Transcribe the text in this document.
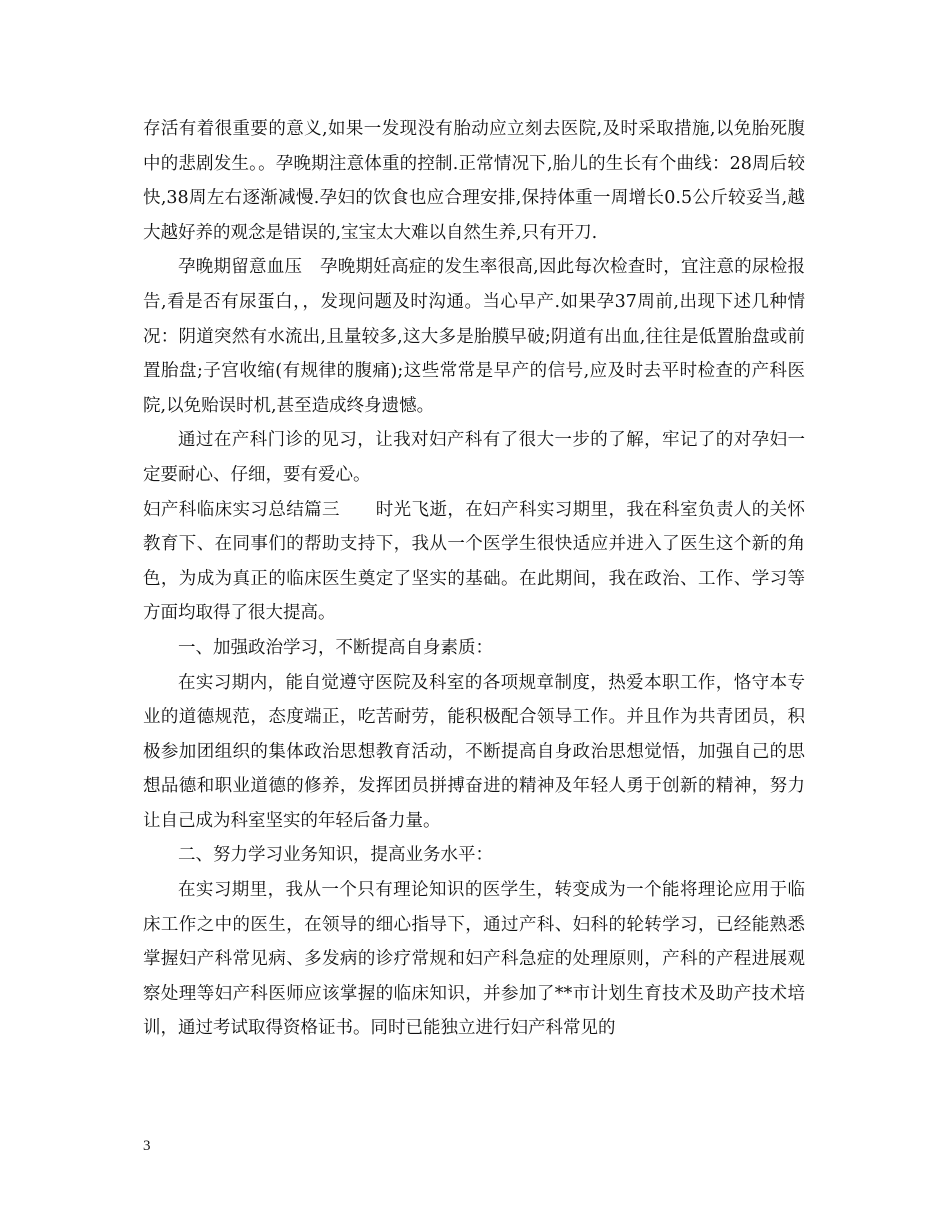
存活有着很重要的意义,如果一发现没有胎动应立刻去医院,及时采取措施,以免胎死腹中的悲剧发生。。孕晚期注意体重的控制.正常情况下,胎儿的生长有个曲线：28周后较快,38周左右逐渐减慢.孕妇的饮食也应合理安排,保持体重一周增长0.5公斤较妥当,越大越好养的观念是错误的,宝宝太大难以自然生养,只有开刀.

孕晚期留意血压　孕晚期妊高症的发生率很高,因此每次检查时，宜注意的尿检报告,看是否有尿蛋白，，发现问题及时沟通。当心早产.如果孕37周前,出现下述几种情况：阴道突然有水流出,且量较多,这大多是胎膜早破;阴道有出血,往往是低置胎盘或前置胎盘;子宫收缩(有规律的腹痛);这些常常是早产的信号,应及时去平时检查的产科医院,以免贻误时机,甚至造成终身遗憾。

通过在产科门诊的见习，让我对妇产科有了很大一步的了解，牢记了的对孕妇一定要耐心、仔细，要有爱心。

妇产科临床实习总结篇三　　时光飞逝，在妇产科实习期里，我在科室负责人的关怀教育下、在同事们的帮助支持下，我从一个医学生很快适应并进入了医生这个新的角色，为成为真正的临床医生奠定了坚实的基础。在此期间，我在政治、工作、学习等方面均取得了很大提高。

一、加强政治学习，不断提高自身素质：

在实习期内，能自觉遵守医院及科室的各项规章制度，热爱本职工作，恪守本专业的道德规范，态度端正，吃苦耐劳，能积极配合领导工作。并且作为共青团员，积极参加团组织的集体政治思想教育活动，不断提高自身政治思想觉悟，加强自己的思想品德和职业道德的修养，发挥团员拼搏奋进的精神及年轻人勇于创新的精神，努力让自己成为科室坚实的年轻后备力量。

二、努力学习业务知识，提高业务水平：

在实习期里，我从一个只有理论知识的医学生，转变成为一个能将理论应用于临床工作之中的医生，在领导的细心指导下，通过产科、妇科的轮转学习，已经能熟悉掌握妇产科常见病、多发病的诊疗常规和妇产科急症的处理原则，产科的产程进展观察处理等妇产科医师应该掌握的临床知识，并参加了**市计划生育技术及助产技术培训，通过考试取得资格证书。同时已能独立进行妇产科常见的

3
